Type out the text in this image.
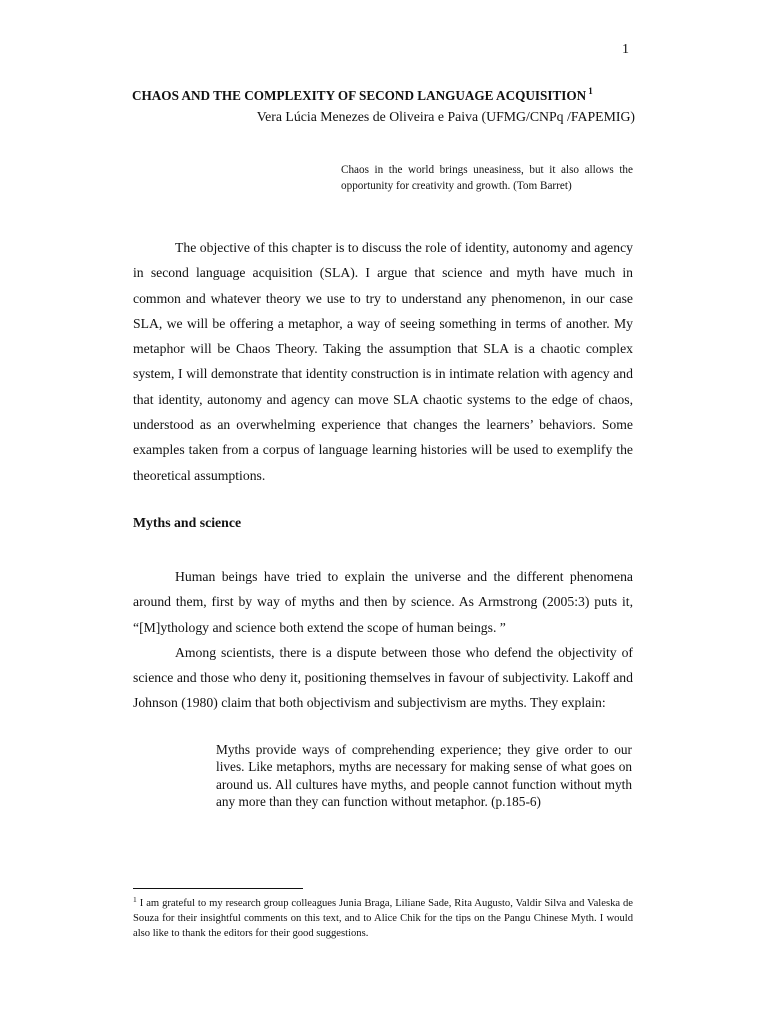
1
CHAOS AND THE COMPLEXITY OF SECOND LANGUAGE ACQUISITION $^1$
Vera Lúcia Menezes de Oliveira e Paiva (UFMG/CNPq /FAPEMIG)
Chaos in the world brings uneasiness, but it also allows the opportunity for creativity and growth. (Tom Barret)

The objective of this chapter is to discuss the role of identity, autonomy and agency in second language acquisition (SLA). I argue that science and myth have much in common and whatever theory we use to try to understand any phenomenon, in our case SLA, we will be offering a metaphor, a way of seeing something in terms of another. My metaphor will be Chaos Theory. Taking the assumption that SLA is a chaotic complex system, I will demonstrate that identity construction is in intimate relation with agency and that identity, autonomy and agency can move SLA chaotic systems to the edge of chaos, understood as an overwhelming experience that changes the learners’ behaviors. Some examples taken from a corpus of language learning histories will be used to exemplify the theoretical assumptions.

Myths and science

Human beings have tried to explain the universe and the different phenomena around them, first by way of myths and then by science. As Armstrong (2005:3) puts it, “[M]ythology and science both extend the scope of human beings. ”

Among scientists, there is a dispute between those who defend the objectivity of science and those who deny it, positioning themselves in favour of subjectivity. Lakoff and Johnson (1980) claim that both objectivism and subjectivism are myths. They explain:

Myths provide ways of comprehending experience; they give order to our lives. Like metaphors, myths are necessary for making sense of what goes on around us. All cultures have myths, and people cannot function without myth any more than they can function without metaphor. (p.185-6)
$^1$ I am grateful to my research group colleagues Junia Braga, Liliane Sade, Rita Augusto, Valdir Silva and Valeska de Souza for their insightful comments on this text, and to Alice Chik for the tips on the Pangu Chinese Myth. I would also like to thank the editors for their good suggestions.
